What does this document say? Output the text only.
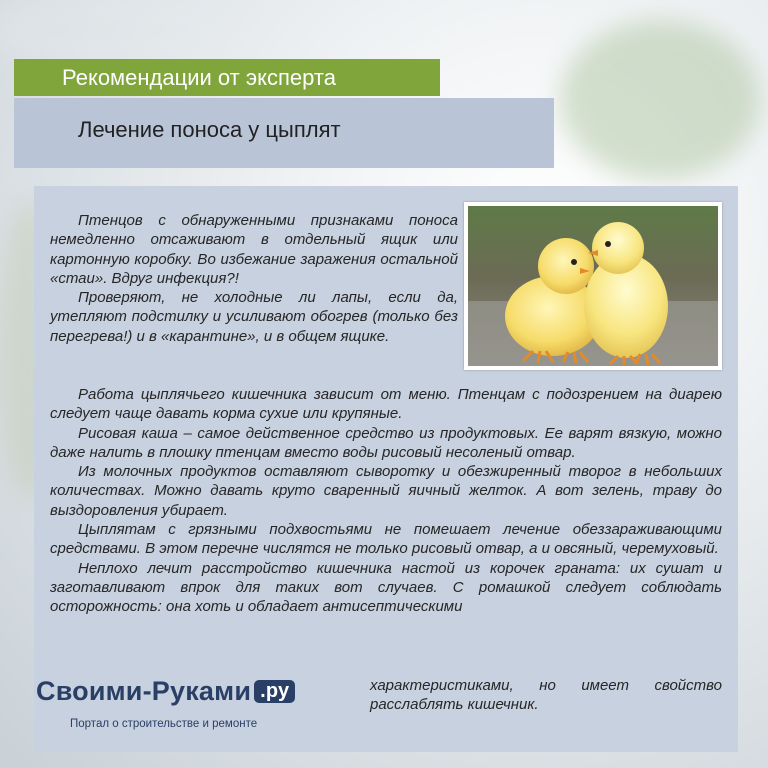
Рекомендации от эксперта
Лечение поноса у цыплят

Птенцов с обнаруженными признаками поноса немедленно отсаживают в отдельный ящик или картонную коробку. Во избежание заражения остальной «стаи». Вдруг инфекция?!

Проверяют, не холодные ли лапы, если да, утепляют подстилку и усиливают обогрев (только без перегрева!) и в «карантине», и в общем ящике.

Работа цыплячьего кишечника зависит от меню. Птенцам с подозрением на диарею следует чаще давать корма сухие или крупяные.

Рисовая каша – самое действенное средство из продуктовых. Ее варят вязкую, можно даже налить в плошку птенцам вместо воды рисовый несоленый отвар.

Из молочных продуктов оставляют сыворотку и обезжиренный творог в небольших количествах. Можно давать круто сваренный яичный желток. А вот зелень, траву до выздоровления убирает.

Цыплятам с грязными подхвостьями не помешает лечение обеззараживающими средствами. В этом перечне числятся не только рисовый отвар, а и овсяный, черемуховый.

Неплохо лечит расстройство кишечника настой из корочек граната: их сушат и заготавливают впрок для таких вот случаев. С ромашкой следует соблюдать осторожность: она хоть и обладает антисептическими

характеристиками, но имеет свойство расслаблять кишечник.

Своими-Руками .ру
Портал о строительстве и ремонте
